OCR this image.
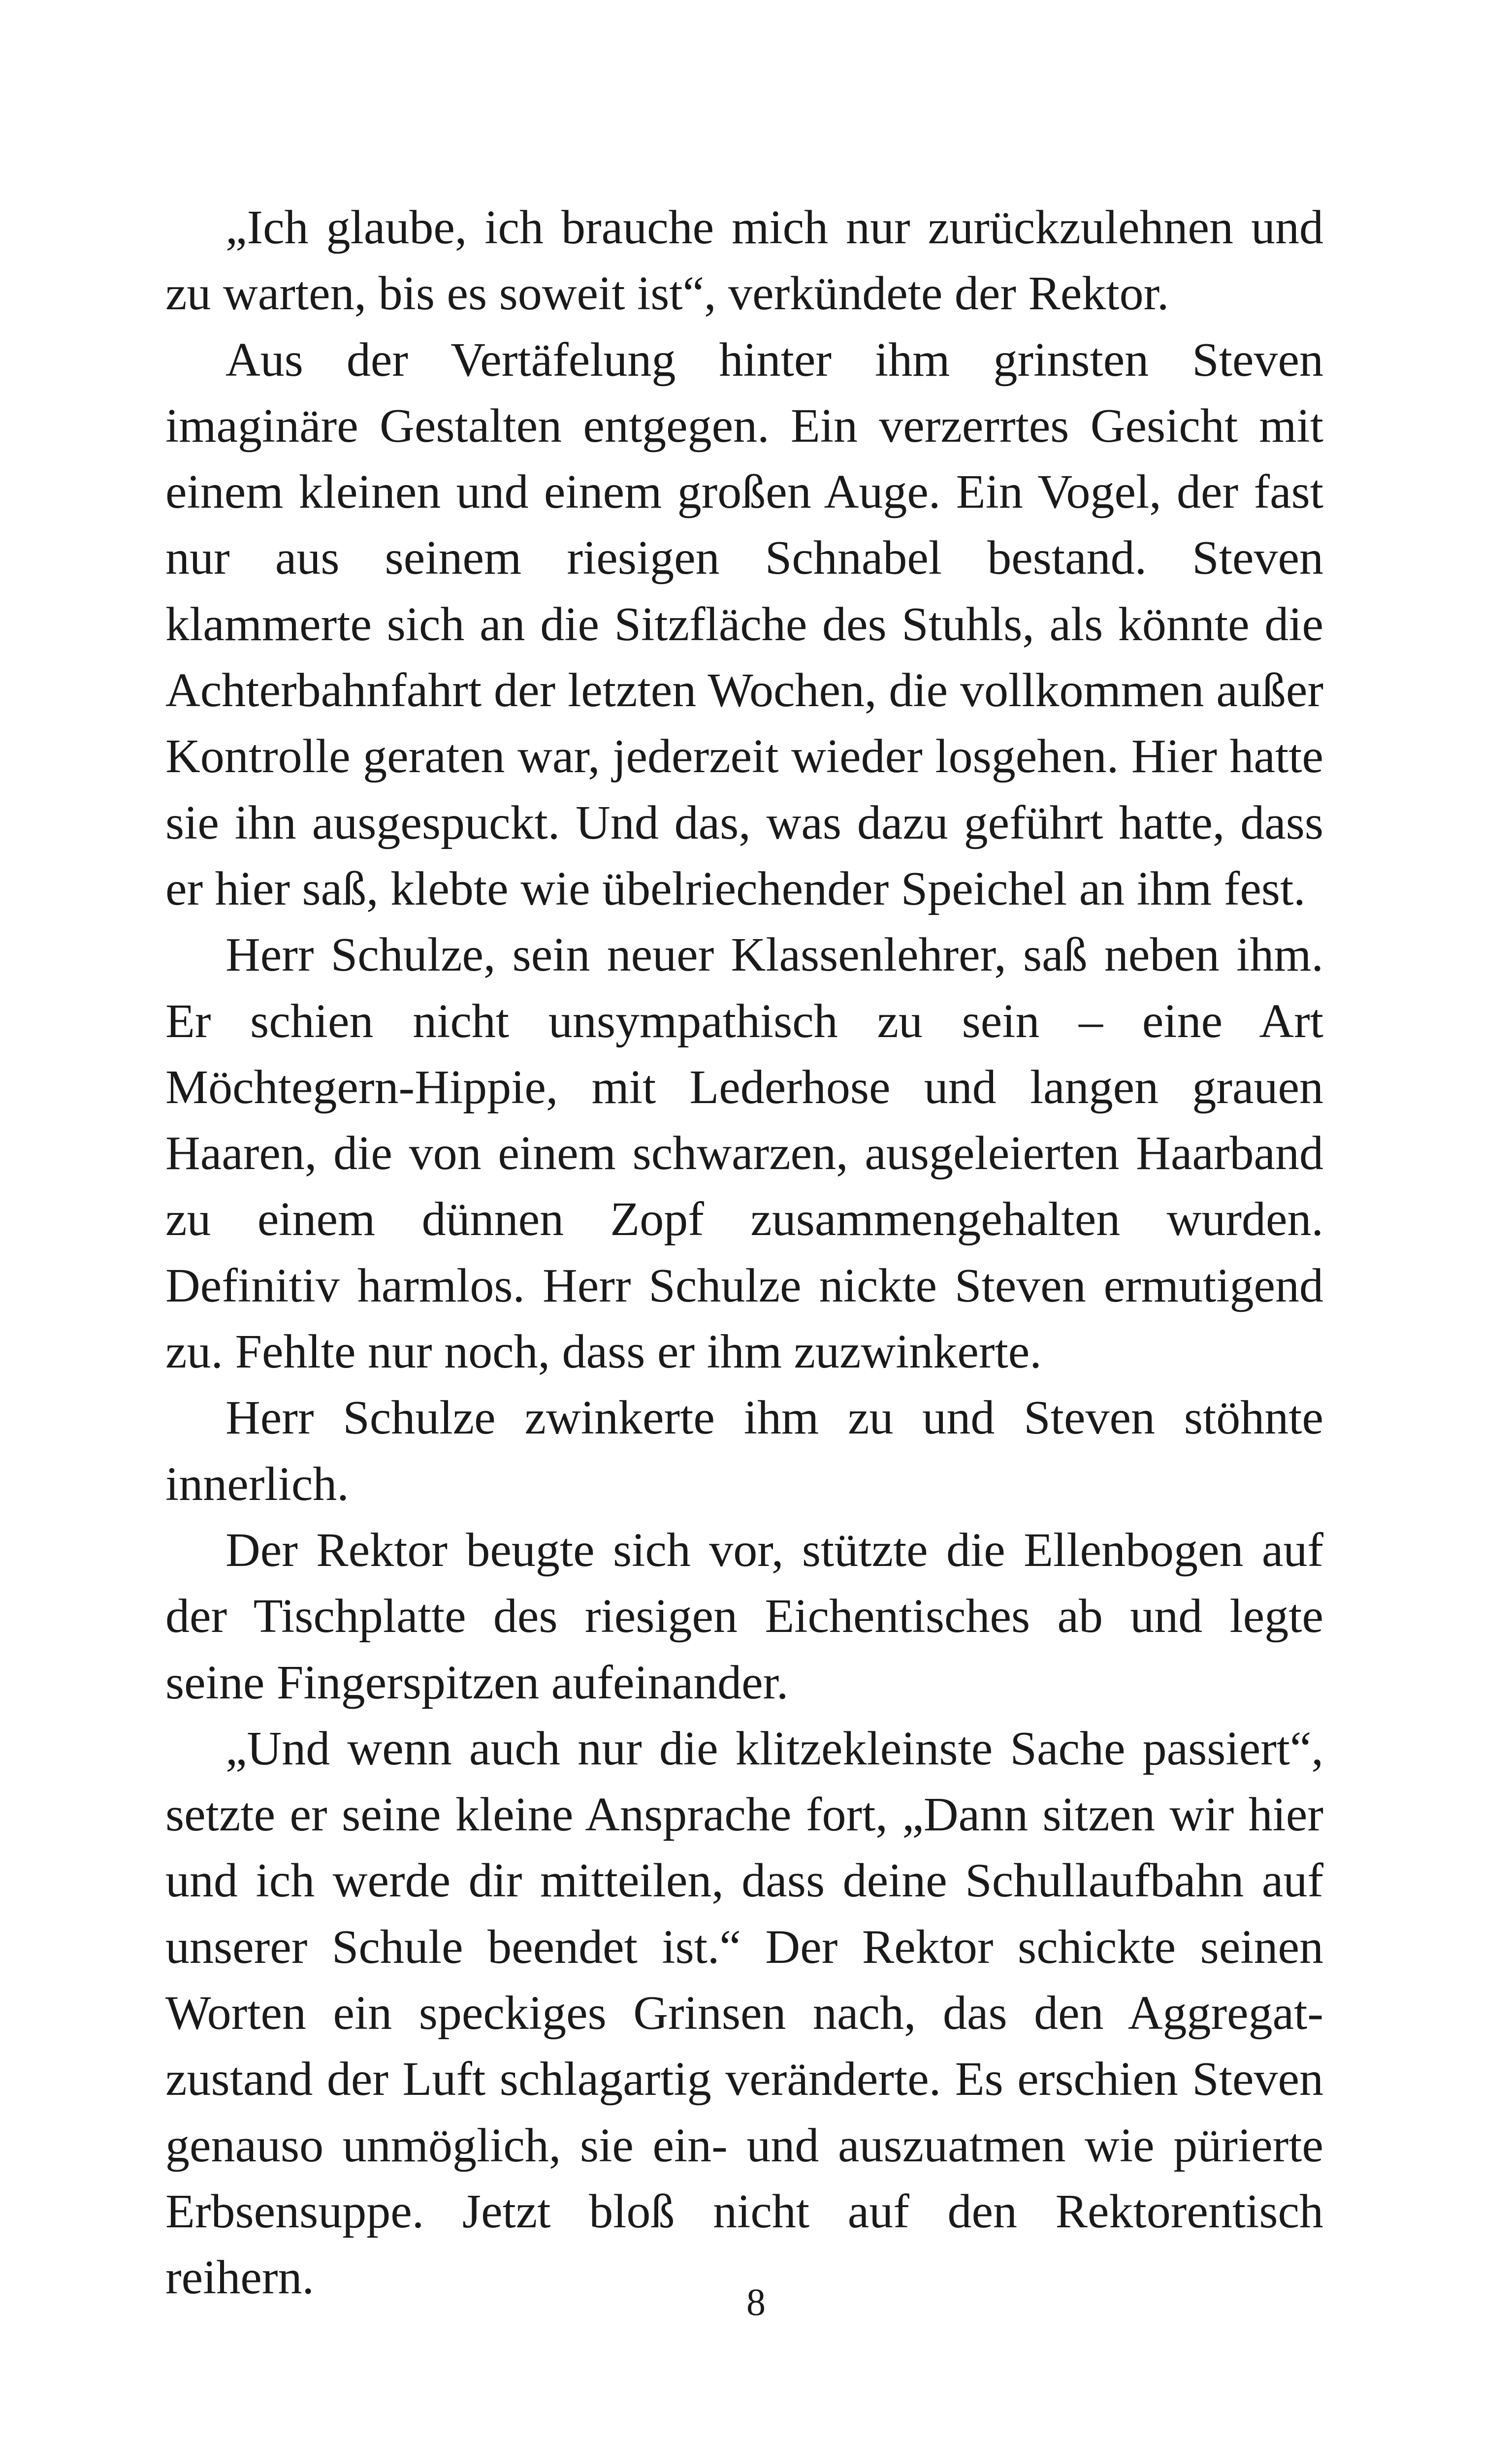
„Ich glaube, ich brauche mich nur zurückzulehnen und zu warten, bis es soweit ist“, verkündete der Rektor.

Aus der Vertäfelung hinter ihm grinsten Steven imaginäre Gestalten entgegen. Ein verzerrtes Gesicht mit einem kleinen und einem großen Auge. Ein Vogel, der fast nur aus seinem riesigen Schnabel bestand. Steven klammerte sich an die Sitzfläche des Stuhls, als könnte die Achterbahnfahrt der letzten Wochen, die vollkommen außer Kontrolle geraten war, jederzeit wieder losgehen. Hier hatte sie ihn ausgespuckt. Und das, was dazu geführt hatte, dass er hier saß, klebte wie übelriechender Speichel an ihm fest.

Herr Schulze, sein neuer Klassenlehrer, saß neben ihm. Er schien nicht unsympathisch zu sein – eine Art Möchtegern-Hippie, mit Lederhose und langen grauen Haaren, die von einem schwarzen, ausgeleierten Haarband zu einem dünnen Zopf zusammengehalten wurden. Definitiv harmlos. Herr Schulze nickte Steven ermutigend zu. Fehlte nur noch, dass er ihm zuzwinkerte.

Herr Schulze zwinkerte ihm zu und Steven stöhnte innerlich.

Der Rektor beugte sich vor, stützte die Ellenbogen auf der Tischplatte des riesigen Eichentisches ab und legte seine Fingerspitzen aufeinander.

„Und wenn auch nur die klitzekleinste Sache passiert“, setzte er seine kleine Ansprache fort, „Dann sitzen wir hier und ich werde dir mitteilen, dass deine Schullaufbahn auf unserer Schule beendet ist.“ Der Rektor schickte seinen Worten ein speckiges Grinsen nach, das den Aggregatzustand der Luft schlagartig veränderte. Es erschien Steven genauso unmöglich, sie ein- und auszuatmen wie pürierte Erbsensuppe. Jetzt bloß nicht auf den Rektorentisch reihern.	8
